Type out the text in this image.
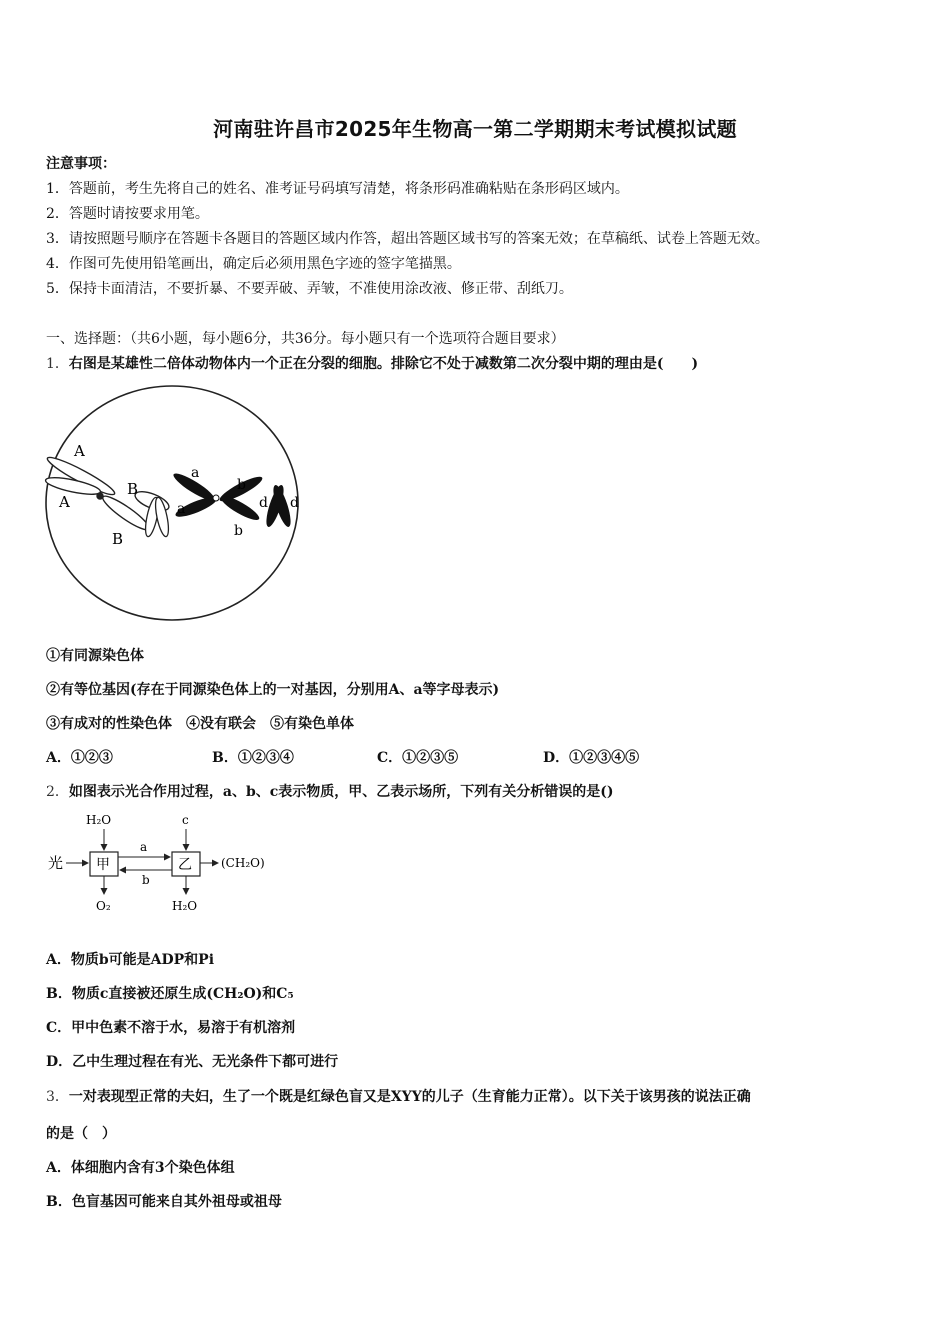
河南驻许昌市2025年生物高一第二学期期末考试模拟试题
注意事项：
1．答题前，考生先将自己的姓名、准考证号码填写清楚，将条形码准确粘贴在条形码区域内。
2．答题时请按要求用笔。
3．请按照题号顺序在答题卡各题目的答题区域内作答，超出答题区域书写的答案无效；在草稿纸、试卷上答题无效。
4．作图可先使用铅笔画出，确定后必须用黑色字迹的签字笔描黑。
5．保持卡面清洁，不要折暴、不要弄破、弄皱，不准使用涂改液、修正带、刮纸刀。
一、选择题：（共6小题，每小题6分，共36分。每小题只有一个选项符合题目要求）
1．右图是某雄性二倍体动物体内一个正在分裂的细胞。排除它不处于减数第二次分裂中期的理由是(　　)
A
A
B
B
a
a
b
b
d d
①有同源染色体
②有等位基因(存在于同源染色体上的一对基因，分别用A、a等字母表示)
③有成对的性染色体　④没有联会　⑤有染色单体
A．①②③	B．①②③④	C．①②③⑤	D．①②③④⑤
2．如图表示光合作用过程，a、b、c表示物质，甲、乙表示场所，下列有关分析错误的是()
光 甲	乙
a
b
H₂O	c
O₂	H₂O
(CH₂O)
A．物质b可能是ADP和Pi
B．物质c直接被还原生成(CH₂O)和C₅
C．甲中色素不溶于水，易溶于有机溶剂
D．乙中生理过程在有光、无光条件下都可进行
3．一对表现型正常的夫妇，生了一个既是红绿色盲又是XYY的儿子（生育能力正常）。以下关于该男孩的说法正确
的是（　）
A．体细胞内含有3个染色体组
B．色盲基因可能来自其外祖母或祖母
